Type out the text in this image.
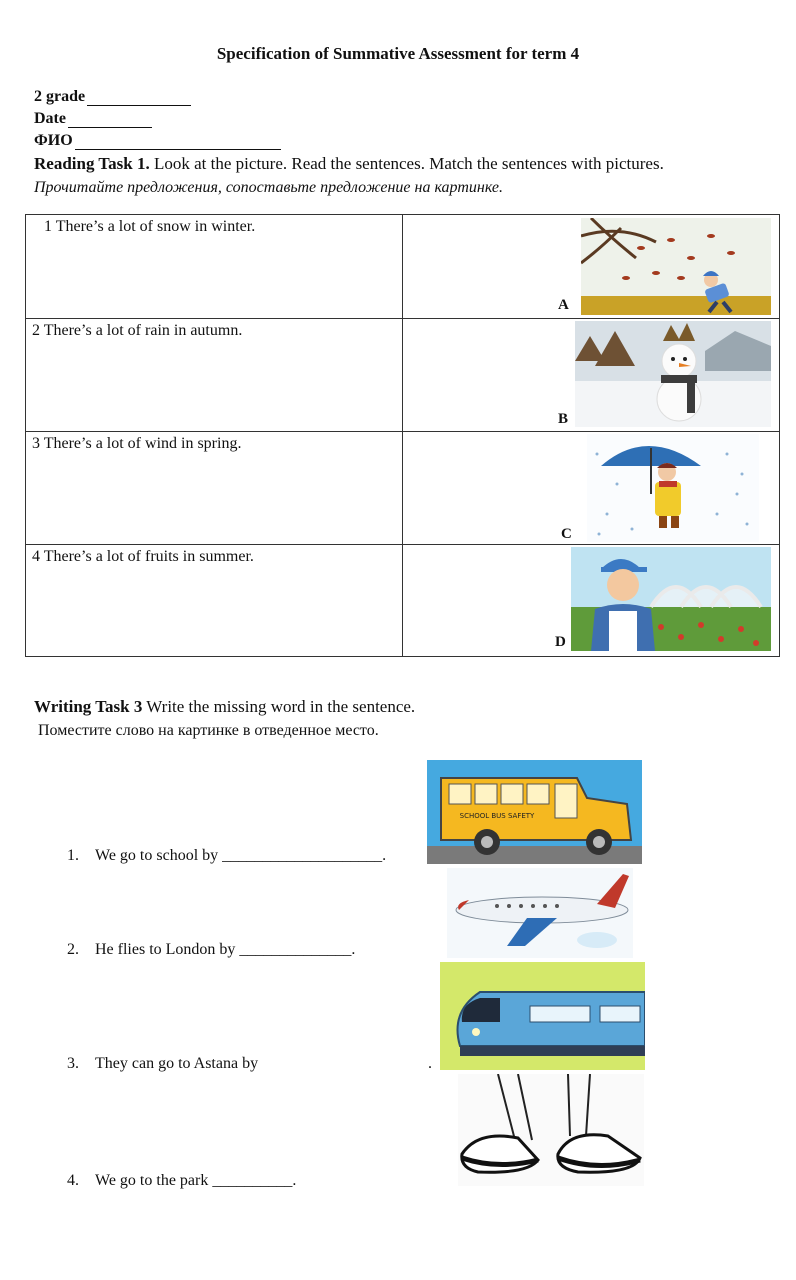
Specification of Summative Assessment for term 4
2 grade
Date
ФИО
Reading Task 1. Look at the picture. Read the sentences. Match the sentences with pictures.
Прочитайте предложения, сопоставьте предложение на картинке.
1 There’s a lot of snow in winter.	A

2 There’s a lot of rain in autumn.	B

3 There’s a lot of wind in spring.	C

4 There’s a lot of fruits in summer.	D
Writing Task 3 Write the missing word in the sentence.
Поместите слово на картинке в отведенное место.
1. We go to school by ____________________.
2. He flies to London by ______________.
3. They can go to Astana by	.
4. We go to the park __________.
SCHOOL BUS SAFETY
